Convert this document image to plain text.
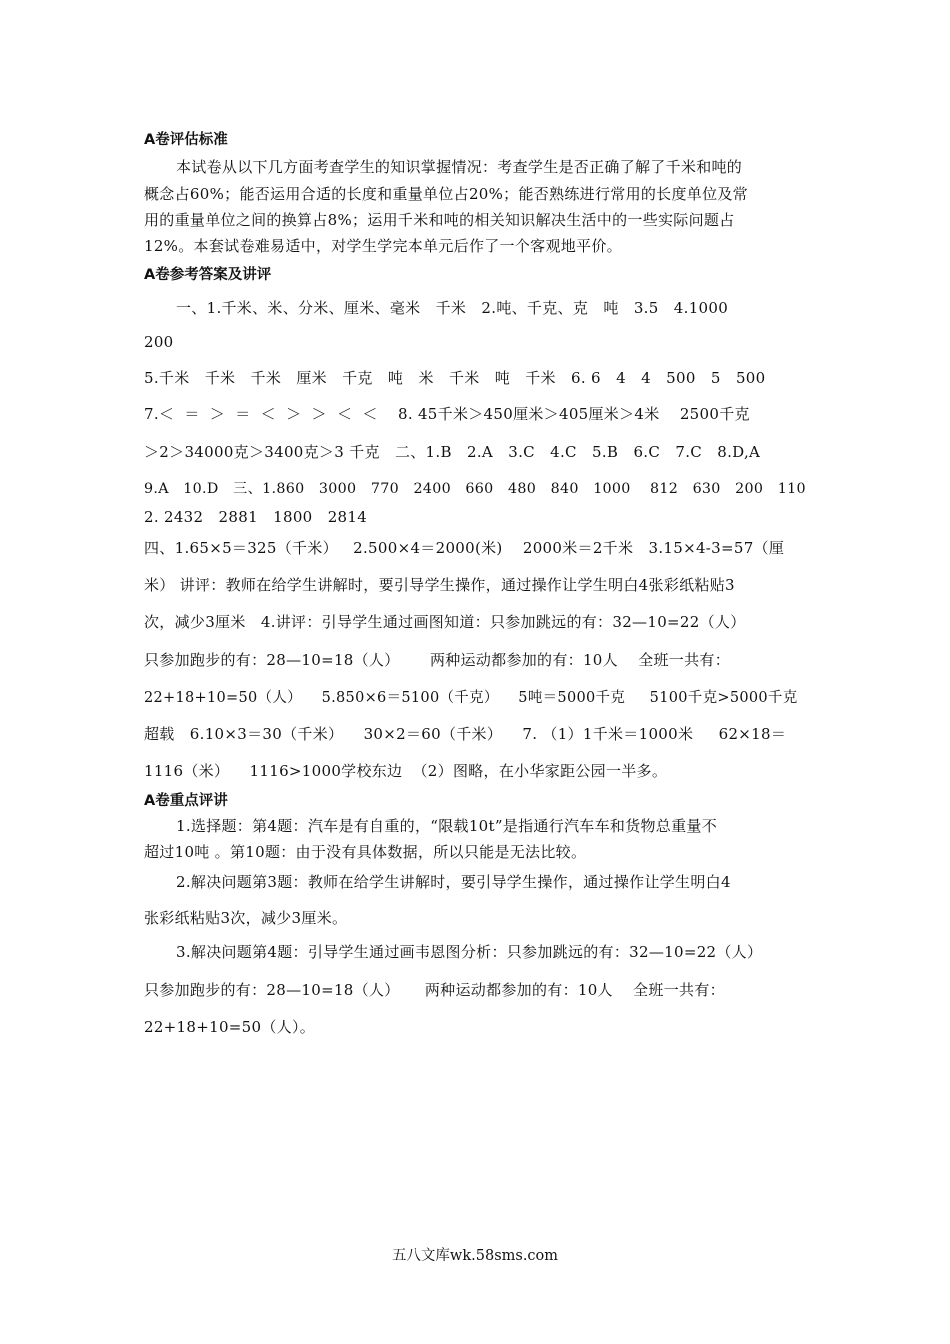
A卷评估标准
本试卷从以下几方面考查学生的知识掌握情况：考查学生是否正确了解了千米和吨的
概念占60%；能否运用合适的长度和重量单位占20%；能否熟练进行常用的长度单位及常
用的重量单位之间的换算占8%；运用千米和吨的相关知识解决生活中的一些实际问题占
12%。本套试卷难易适中，对学生学完本单元后作了一个客观地平价。
A卷参考答案及讲评
一、1.千米、米、分米、厘米、毫米   千米   2.吨、千克、克   吨   3.5   4.1000
200
5.千米   千米   千米   厘米   千克   吨   米   千米   吨   千米   6. 6   4   4   500   5   500
7.＜  ＝  ＞  ＝  ＜  ＞  ＞  ＜  ＜    8. 45千米＞450厘米＞405厘米＞4米    2500千克
＞2＞34000克＞3400克＞3 千克   二、1.B   2.A   3.C   4.C   5.B   6.C   7.C   8.D,A
9.A   10.D   三、1.860   3000   770   2400   660   480   840   1000    812   630   200   110
2. 2432   2881   1800   2814
四、1.65×5＝325（千米）   2.500×4＝2000(米)    2000米＝2千米   3.15×4-3=57（厘
米） 讲评：教师在给学生讲解时，要引导学生操作，通过操作让学生明白4张彩纸粘贴3
次，减少3厘米   4.讲评：引导学生通过画图知道：只参加跳远的有：32—10=22（人）
只参加跑步的有：28—10=18（人）      两种运动都参加的有：10人    全班一共有：
22+18+10=50（人）    5.850×6＝5100（千克）    5吨＝5000千克     5100千克>5000千克
超载   6.10×3＝30（千米）    30×2＝60（千米）    7. （1）1千米＝1000米     62×18＝
1116（米）    1116>1000学校东边  （2）图略，在小华家距公园一半多。
A卷重点评讲
1.选择题：第4题：汽车是有自重的，“限载10t”是指通行汽车车和货物总重量不
超过10吨 。第10题：由于没有具体数据，所以只能是无法比较。
2.解决问题第3题：教师在给学生讲解时，要引导学生操作，通过操作让学生明白4
张彩纸粘贴3次，减少3厘米。
3.解决问题第4题：引导学生通过画韦恩图分析：只参加跳远的有：32—10=22（人）
只参加跑步的有：28—10=18（人）     两种运动都参加的有：10人    全班一共有：
22+18+10=50（人）。
五八文库wk.58sms.com
